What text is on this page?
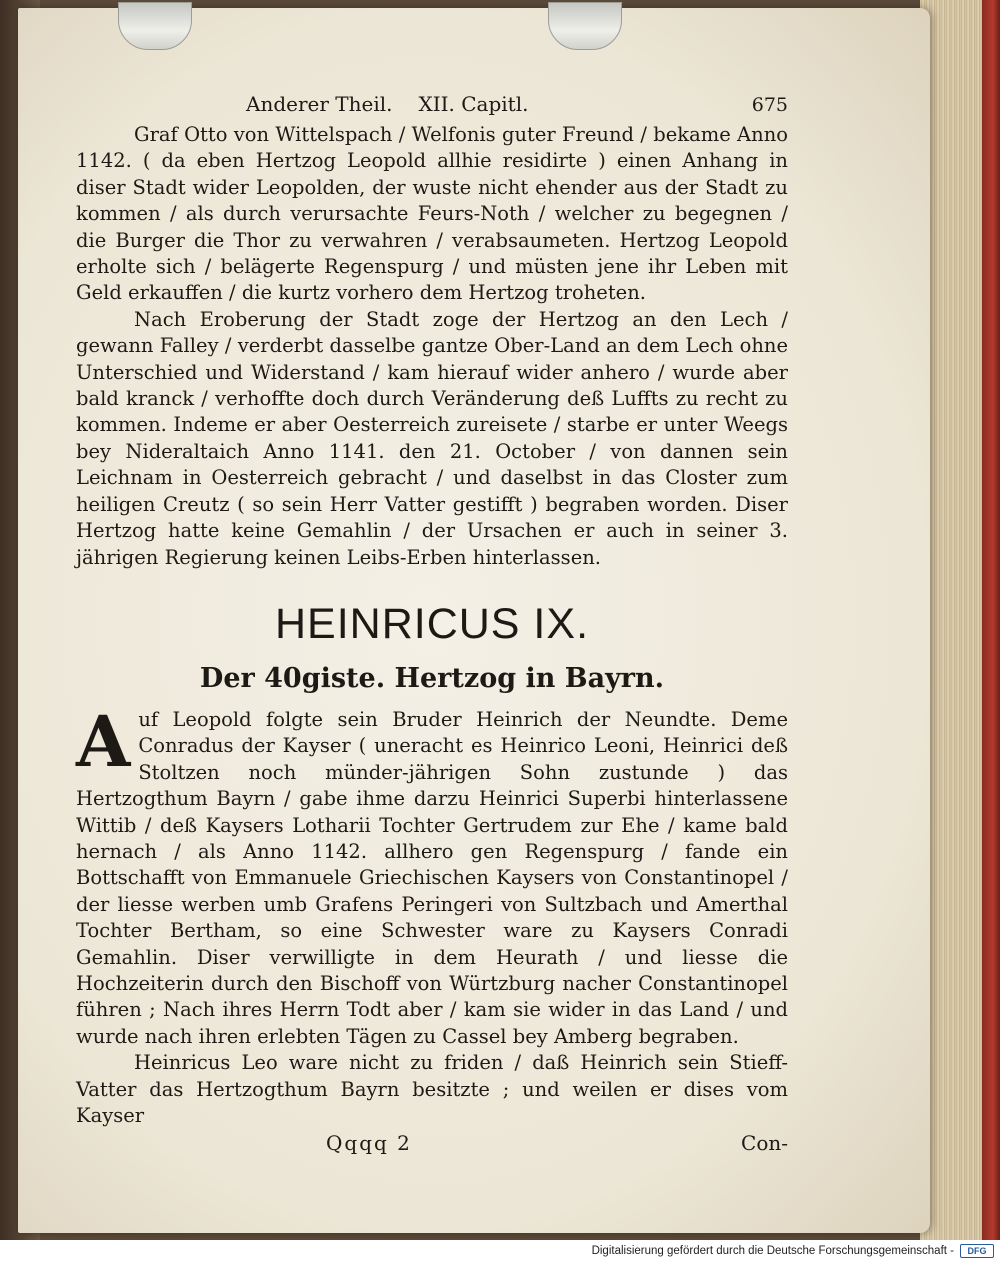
Anderer Theil. XII. Capitl.	675

Graf Otto von Wittelspach / Welfonis guter Freund / bekame Anno 1142. ( da eben Hertzog Leopold allhie residirte ) einen Anhang in diser Stadt wider Leopolden, der wuste nicht ehender aus der Stadt zu kommen / als durch verursachte Feurs-Noth / welcher zu begegnen / die Burger die Thor zu verwahren / verabsaumeten. Hertzog Leopold erholte sich / belägerte Regenspurg / und müsten jene ihr Leben mit Geld erkauffen / die kurtz vorhero dem Hertzog troheten.

Nach Eroberung der Stadt zoge der Hertzog an den Lech / gewann Falley / verderbt dasselbe gantze Ober-Land an dem Lech ohne Unterschied und Widerstand / kam hierauf wider anhero / wurde aber bald kranck / verhoffte doch durch Veränderung deß Luffts zu recht zu kommen. Indeme er aber Oesterreich zureisete / starbe er unter Weegs bey Nideraltaich Anno 1141. den 21. October / von dannen sein Leichnam in Oesterreich gebracht / und daselbst in das Closter zum heiligen Creutz ( so sein Herr Vatter gestifft ) begraben worden. Diser Hertzog hatte keine Gemahlin / der Ursachen er auch in seiner 3. jährigen Regierung keinen Leibs-Erben hinterlassen.

HEINRICUS IX.
Der 40giste. Hertzog in Bayrn.
A uf Leopold folgte sein Bruder Heinrich der Neundte. Deme Conradus der Kayser ( uneracht es Heinrico Leoni, Heinrici deß Stoltzen noch münder-jährigen Sohn zustunde ) das Hertzogthum Bayrn / gabe ihme darzu Heinrici Superbi hinterlassene Wittib / deß Kaysers Lotharii Tochter Gertrudem zur Ehe / kame bald hernach / als Anno 1142. allhero gen Regenspurg / fande ein Bottschafft von Emmanuele Griechischen Kaysers von Constantinopel / der liesse werben umb Grafens Peringeri von Sultzbach und Amerthal Tochter Bertham, so eine Schwester ware zu Kaysers Conradi Gemahlin. Diser verwilligte in dem Heurath / und liesse die Hochzeiterin durch den Bischoff von Würtzburg nacher Constantinopel führen ; Nach ihres Herrn Todt aber / kam sie wider in das Land / und wurde nach ihren erlebten Tägen zu Cassel bey Amberg begraben.

Heinricus Leo ware nicht zu friden / daß Heinrich sein Stieff-Vatter das Hertzogthum Bayrn besitzte ; und weilen er dises vom Kayser

Qqqq 2	Con-
Digitalisierung gefördert durch die Deutsche Forschungsgemeinschaft -	DFG
